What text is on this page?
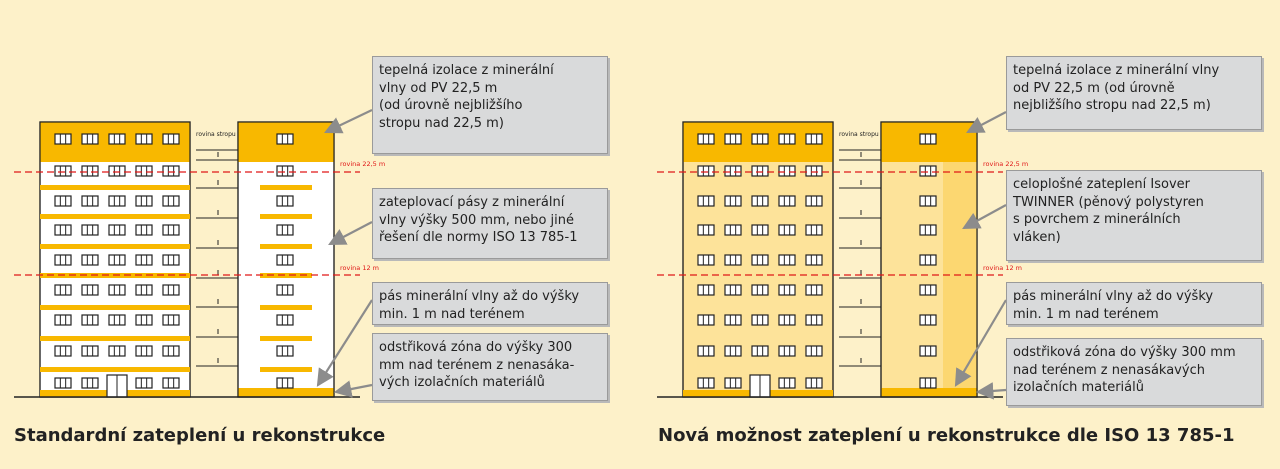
rovina stropu
rovina 22,5 m
rovina 12 m
rovina stropu
rovina 22,5 m
rovina 12 m
tepelná izolace z minerální
vlny od PV 22,5 m
(od úrovně nejbližšího
stropu nad 22,5 m)
zateplovací pásy z minerální
vlny výšky 500 mm, nebo jiné
řešení dle normy ISO 13 785-1
pás minerální vlny až do výšky
min. 1 m nad terénem
odstřiková zóna do výšky 300
mm nad terénem z nenasáka-
vých izolačních materiálů
tepelná izolace z minerální vlny
od PV 22,5 m (od úrovně
nejbližšího stropu nad 22,5 m)
celoplošné zateplení Isover
TWINNER (pěnový polystyren
s povrchem z minerálních
vláken)
pás minerální vlny až do výšky
min. 1 m nad terénem
odstřiková zóna do výšky 300 mm
nad terénem z nenasákavých
izolačních materiálů
Standardní zateplení u rekonstrukce	Nová možnost zateplení u rekonstrukce dle ISO 13 785-1
